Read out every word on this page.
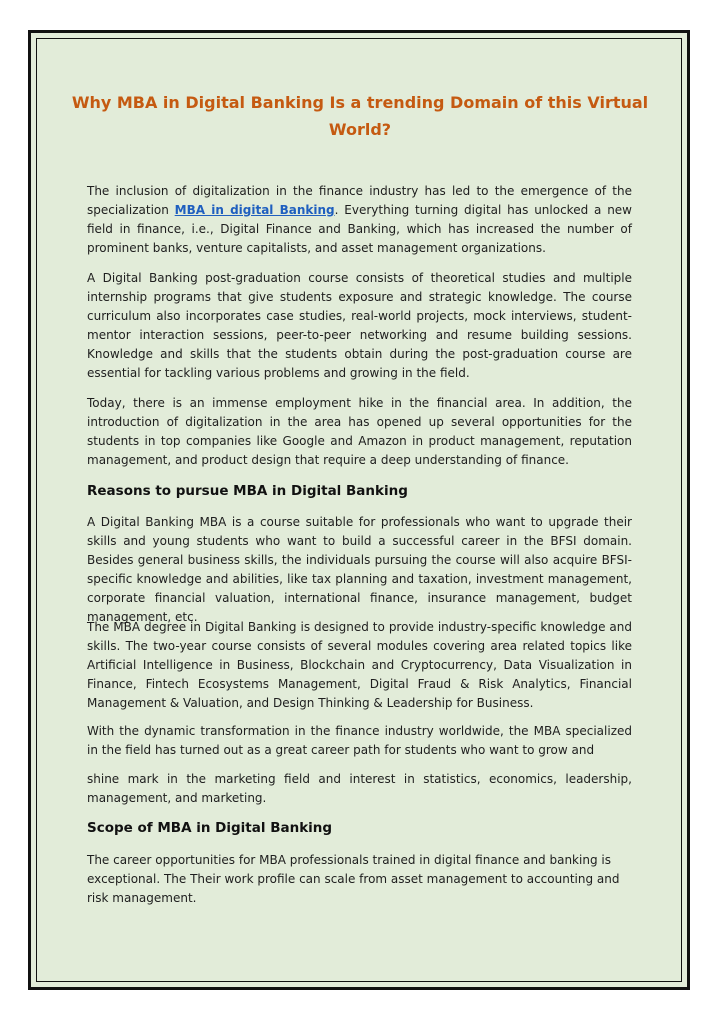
Why MBA in Digital Banking Is a trending Domain of this Virtual World?

The inclusion of digitalization in the finance industry has led to the emergence of the specialization MBA in digital Banking. Everything turning digital has unlocked a new field in finance, i.e., Digital Finance and Banking, which has increased the number of prominent banks, venture capitalists, and asset management organizations.

A Digital Banking post-graduation course consists of theoretical studies and multiple internship programs that give students exposure and strategic knowledge. The course curriculum also incorporates case studies, real-world projects, mock interviews, student-mentor interaction sessions, peer-to-peer networking and resume building sessions. Knowledge and skills that the students obtain during the post-graduation course are essential for tackling various problems and growing in the field.

Today, there is an immense employment hike in the financial area. In addition, the introduction of digitalization in the area has opened up several opportunities for the students in top companies like Google and Amazon in product management, reputation management, and product design that require a deep understanding of finance.

Reasons to pursue MBA in Digital Banking

A Digital Banking MBA is a course suitable for professionals who want to upgrade their skills and young students who want to build a successful career in the BFSI domain. Besides general business skills, the individuals pursuing the course will also acquire BFSI-specific knowledge and abilities, like tax planning and taxation, investment management, corporate financial valuation, international finance, insurance management, budget management, etc.

The MBA degree in Digital Banking is designed to provide industry-specific knowledge and skills. The two-year course consists of several modules covering area related topics like Artificial Intelligence in Business, Blockchain and Cryptocurrency, Data Visualization in Finance, Fintech Ecosystems Management, Digital Fraud & Risk Analytics, Financial Management & Valuation, and Design Thinking & Leadership for Business.

With the dynamic transformation in the finance industry worldwide, the MBA specialized in the field has turned out as a great career path for students who want to grow and

shine mark in the marketing field and interest in statistics, economics, leadership, management, and marketing.

Scope of MBA in Digital Banking

The career opportunities for MBA professionals trained in digital finance and banking is exceptional. The Their work profile can scale from asset management to accounting and risk management.
